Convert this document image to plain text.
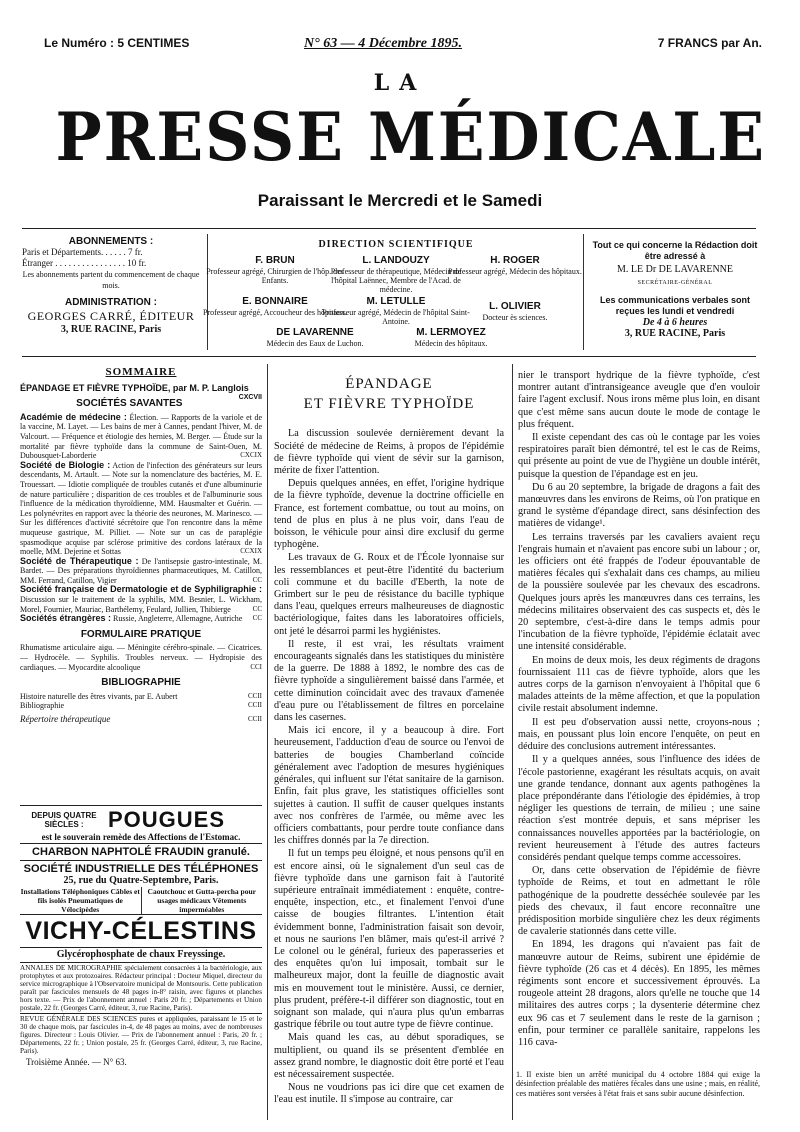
Le Numéro : 5 CENTIMES	N° 63 — 4 Décembre 1895.	7 FRANCS par An.
LA
PRESSE MÉDICALE
Paraissant le Mercredi et le Samedi
ABONNEMENTS :
Paris et Départements. . . . . . 7 fr.
Étranger . . . . . . . . . . . . . . . . 10 fr.
Les abonnements partent du commencement de chaque mois.
ADMINISTRATION :
GEORGES CARRÉ, ÉDITEUR
3, RUE RACINE, Paris
DIRECTION SCIENTIFIQUE
F. BRUN
Professeur agrégé, Chirurgien de l'hôp. des Enfants.
L. LANDOUZY
Professeur de thérapeutique, Médecin de l'hôpital Laënnec, Membre de l'Acad. de médecine.
H. ROGER
Professeur agrégé, Médecin des hôpitaux.
E. BONNAIRE
Professeur agrégé, Accoucheur des hôpitaux.
M. LETULLE
Professeur agrégé, Médecin de l'hôpital Saint-Antoine.
L. OLIVIER
Docteur ès sciences.
DE LAVARENNE
Médecin des Eaux de Luchon.
M. LERMOYEZ
Médecin des hôpitaux.
Tout ce qui concerne la Rédaction doit être adressé à
M. LE Dr DE LAVARENNE
SECRÉTAIRE-GÉNÉRAL
Les communications verbales sont reçues les lundi et vendredi
De 4 à 6 heures
3, RUE RACINE, Paris
SOMMAIRE

ÉPANDAGE ET FIÈVRE TYPHOÏDE, par M. P. Langlois
CXCVII

SOCIÉTÉS SAVANTES

Académie de médecine : Élection. — Rapports de la variole et de la vaccine, M. Layet. — Les bains de mer à Cannes, pendant l'hiver, M. de Valcourt. — Fréquence et étiologie des hernies, M. Berger. — Étude sur la mortalité par fièvre typhoïde dans la commune de Saint-Ouen, M. Dubousquet-Laborderie	CXCIX

Société de Biologie : Action de l'infection des générateurs sur leurs descendants, M. Artault. — Note sur la nomenclature des bactéries, M. E. Trouessart. — Idiotie compliquée de troubles cutanés et d'une albuminurie de nature particulière ; disparition de ces troubles et de l'albuminurie sous l'influence de la médication thyroïdienne, MM. Hausmalter et Guérin. — Les polynévrites en rapport avec la théorie des neurones, M. Marinesco. — Sur les différences d'activité sécrétoire que l'on rencontre dans la même muqueuse gastrique, M. Pilliet. — Note sur un cas de paraplégie spasmodique acquise par sclérose primitive des cordons latéraux de la moelle, MM. Dejerine et Sottas	CCXIX

Société de Thérapeutique : De l'antisepsie gastro-intestinale, M. Bardet. — Des préparations thyroïdiennes pharmaceutiques, M. Catillon, MM. Ferrand, Catillon, Vigier	CC

Société française de Dermatologie et de Syphiligraphie : Discussion sur le traitement de la syphilis, MM. Besnier, L. Wickham, Morel, Fournier, Mauriac, Barthélemy, Feulard, Jullien, Thibierge	CC

Sociétés étrangères : Russie, Angleterre, Allemagne, Autriche CC

FORMULAIRE PRATIQUE

Rhumatisme articulaire aigu. — Méningite cérébro-spinale. — Cicatrices. — Hydrocèle. — Syphilis. Troubles nerveux. — Hydropisie des cardiaques. — Myocardite alcoolique	CCI

BIBLIOGRAPHIE

Histoire naturelle des êtres vivants, par E. Aubert	CCII

Bibliographie	CCII

Répertoire thérapeutique	CCII

DEPUIS QUATRE SIÈCLES :	POUGUES
est le souverain remède des Affections de l'Estomac.
CHARBON NAPHTOLÉ FRAUDIN granulé.
SOCIÉTÉ INDUSTRIELLE DES TÉLÉPHONES
25, rue du Quatre-Septembre, Paris.
Installations Téléphoniques Câbles et fils isolés Pneumatiques de Vélocipèdes
Caoutchouc et Gutta-percha pour usages médicaux Vêtements imperméables
VICHY-CÉLESTINS
Glycérophosphate de chaux Freyssinge.
ANNALES DE MICROGRAPHIE spécialement consacrées à la bactériologie, aux protophytes et aux protozoaires. Rédacteur principal : Docteur Miquel, directeur du service micrographique à l'Observatoire municipal de Montsouris. Cette publication paraît par fascicules mensuels de 48 pages in-8° raisin, avec figures et planches hors texte. — Prix de l'abonnement annuel : Paris 20 fr. ; Départements et Union postale, 22 fr. (Georges Carré, éditeur, 3, rue Racine, Paris).
REVUE GÉNÉRALE DES SCIENCES pures et appliquées, paraissant le 15 et le 30 de chaque mois, par fascicules in-4, de 48 pages au moins, avec de nombreuses figures. Directeur : Louis Olivier. — Prix de l'abonnement annuel : Paris, 20 fr. ; Départements, 22 fr. ; Union postale, 25 fr. (Georges Carré, éditeur, 3, rue Racine, Paris).
Troisième Année. — N° 63.

ÉPANDAGE

ET FIÈVRE TYPHOÏDE

La discussion soulevée dernièrement devant la Société de médecine de Reims, à propos de l'épidémie de fièvre typhoïde qui vient de sévir sur la garnison, mérite de fixer l'attention.

Depuis quelques années, en effet, l'origine hydrique de la fièvre typhoïde, devenue la doctrine officielle en France, est fortement combattue, ou tout au moins, on tend de plus en plus à ne plus voir, dans l'eau de boisson, le véhicule pour ainsi dire exclusif du germe typhogène.

Les travaux de G. Roux et de l'École lyonnaise sur les ressemblances et peut-être l'identité du bacterium coli commune et du bacille d'Eberth, la note de Grimbert sur le peu de résistance du bacille typhique dans l'eau, quelques erreurs malheureuses de diagnostic bactériologique, faites dans les laboratoires officiels, ont jeté le désarroi parmi les hygiénistes.

Il reste, il est vrai, les résultats vraiment encourageants signalés dans les statistiques du ministère de la guerre. De 1888 à 1892, le nombre des cas de fièvre typhoïde a singulièrement baissé dans l'armée, et cette diminution coïncidait avec des travaux d'amenée d'eau pure ou l'établissement de filtres en porcelaine dans les casernes.

Mais ici encore, il y a beaucoup à dire. Fort heureusement, l'adduction d'eau de source ou l'envoi de batteries de bougies Chamberland coïncide généralement avec l'adoption de mesures hygiéniques générales, qui influent sur l'état sanitaire de la garnison. Enfin, fait plus grave, les statistiques officielles sont sujettes à caution. Il suffit de causer quelques instants avec nos confrères de l'armée, ou même avec les officiers combattants, pour perdre toute confiance dans les chiffres donnés par la 7e direction.

Il fut un temps peu éloigné, et nous pensons qu'il en est encore ainsi, où le signalement d'un seul cas de fièvre typhoïde dans une garnison fait à l'autorité supérieure entraînait immédiatement : enquête, contre-enquête, inspection, etc., et finalement l'envoi d'une caisse de bougies filtrantes. L'intention était évidemment bonne, l'administration faisait son devoir, et nous ne saurions l'en blâmer, mais qu'est-il arrivé ? Le colonel ou le général, furieux des paperasseries et des enquêtes qu'on lui imposait, tombait sur le malheureux major, dont la feuille de diagnostic avait mis en mouvement tout le ministère. Aussi, ce dernier, plus prudent, préfère-t-il différer son diagnostic, tout en soignant son malade, qui n'aura plus qu'un embarras gastrique fébrile ou tout autre type de fièvre continue.

Mais quand les cas, au début sporadiques, se multiplient, ou quand ils se présentent d'emblée en assez grand nombre, le diagnostic doit être porté et l'eau est nécessairement suspectée.

Nous ne voudrions pas ici dire que cet examen de l'eau est inutile. Il s'impose au contraire, car

nier le transport hydrique de la fièvre typhoïde, c'est montrer autant d'intransigeance aveugle que d'en vouloir faire l'agent exclusif. Nous irons même plus loin, en disant que c'est même sans aucun doute le mode de contage le plus fréquent.

Il existe cependant des cas où le contage par les voies respiratoires paraît bien démontré, tel est le cas de Reims, qui présente au point de vue de l'hygiène un double intérêt, puisque la question de l'épandage est en jeu.

Du 6 au 20 septembre, la brigade de dragons a fait des manœuvres dans les environs de Reims, où l'on pratique en grand le système d'épandage direct, sans désinfection des matières de vidange¹.

Les terrains traversés par les cavaliers avaient reçu l'engrais humain et n'avaient pas encore subi un labour ; or, les officiers ont été frappés de l'odeur épouvantable de matières fécales qui s'exhalait dans ces champs, au milieu de la poussière soulevée par les chevaux des escadrons. Quelques jours après les manœuvres dans ces terrains, les médecins militaires observaient des cas suspects et, dès le 20 septembre, c'est-à-dire dans le temps admis pour l'incubation de la fièvre typhoïde, l'épidémie éclatait avec une intensité considérable.

En moins de deux mois, les deux régiments de dragons fournissaient 111 cas de fièvre typhoïde, alors que les autres corps de la garnison n'envoyaient à l'hôpital que 6 malades atteints de la même affection, et que la population civile restait absolument indemne.

Il est peu d'observation aussi nette, croyons-nous ; mais, en poussant plus loin encore l'enquête, on peut en déduire des conclusions autrement intéressantes.

Il y a quelques années, sous l'influence des idées de l'école pastorienne, exagérant les résultats acquis, on avait une grande tendance, donnant aux agents pathogènes la place prépondérante dans l'étiologie des épidémies, à trop négliger les questions de terrain, de milieu ; une saine réaction s'est montrée depuis, et sans mépriser les connaissances nouvelles apportées par la bactériologie, on revient heureusement à l'étude des autres facteurs considérés pendant quelque temps comme accessoires.

Or, dans cette observation de l'épidémie de fièvre typhoïde de Reims, et tout en admettant le rôle pathogénique de la poudrette desséchée soulevée par les pieds des chevaux, il faut encore reconnaître une prédisposition morbide singulière chez les deux régiments de cavalerie stationnés dans cette ville.

En 1894, les dragons qui n'avaient pas fait de manœuvre autour de Reims, subirent une épidémie de fièvre typhoïde (26 cas et 4 décès). En 1895, les mêmes régiments sont encore et successivement éprouvés. La rougeole atteint 28 dragons, alors qu'elle ne touche que 14 militaires des autres corps ; la dysenterie détermine chez eux 96 cas et 7 seulement dans le reste de la garnison ; enfin, pour terminer ce parallèle sanitaire, rappelons les 116 cava-

1. Il existe bien un arrêté municipal du 4 octobre 1884 qui exige la désinfection préalable des matières fécales dans une usine ; mais, en réalité, ces matières sont versées à l'état frais et sans subir aucune désinfection.
